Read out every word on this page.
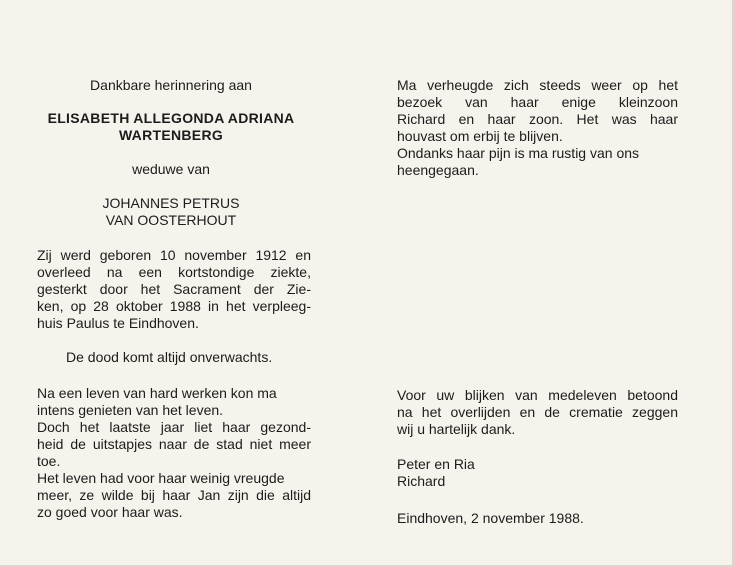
Dankbare herinnering aan
ELISABETH ALLEGONDA ADRIANA
WARTENBERG
weduwe van
JOHANNES PETRUS
VAN OOSTERHOUT
Zij werd geboren 10 november 1912 en
overleed na een kortstondige ziekte,
gesterkt door het Sacrament der Zie-
ken, op 28 oktober 1988 in het verpleeg-
huis Paulus te Eindhoven.
De dood komt altijd onverwachts.
Na een leven van hard werken kon ma
intens genieten van het leven.
Doch het laatste jaar liet haar gezond-
heid de uitstapjes naar de stad niet meer
toe.
Het leven had voor haar weinig vreugde
meer, ze wilde bij haar Jan zijn die altijd
zo goed voor haar was.
Ma verheugde zich steeds weer op het
bezoek van haar enige kleinzoon
Richard en haar zoon. Het was haar
houvast om erbij te blijven.
Ondanks haar pijn is ma rustig van ons
heengegaan.
Voor uw blijken van medeleven betoond
na het overlijden en de crematie zeggen
wij u hartelijk dank.
Peter en Ria
Richard
Eindhoven, 2 november 1988.
